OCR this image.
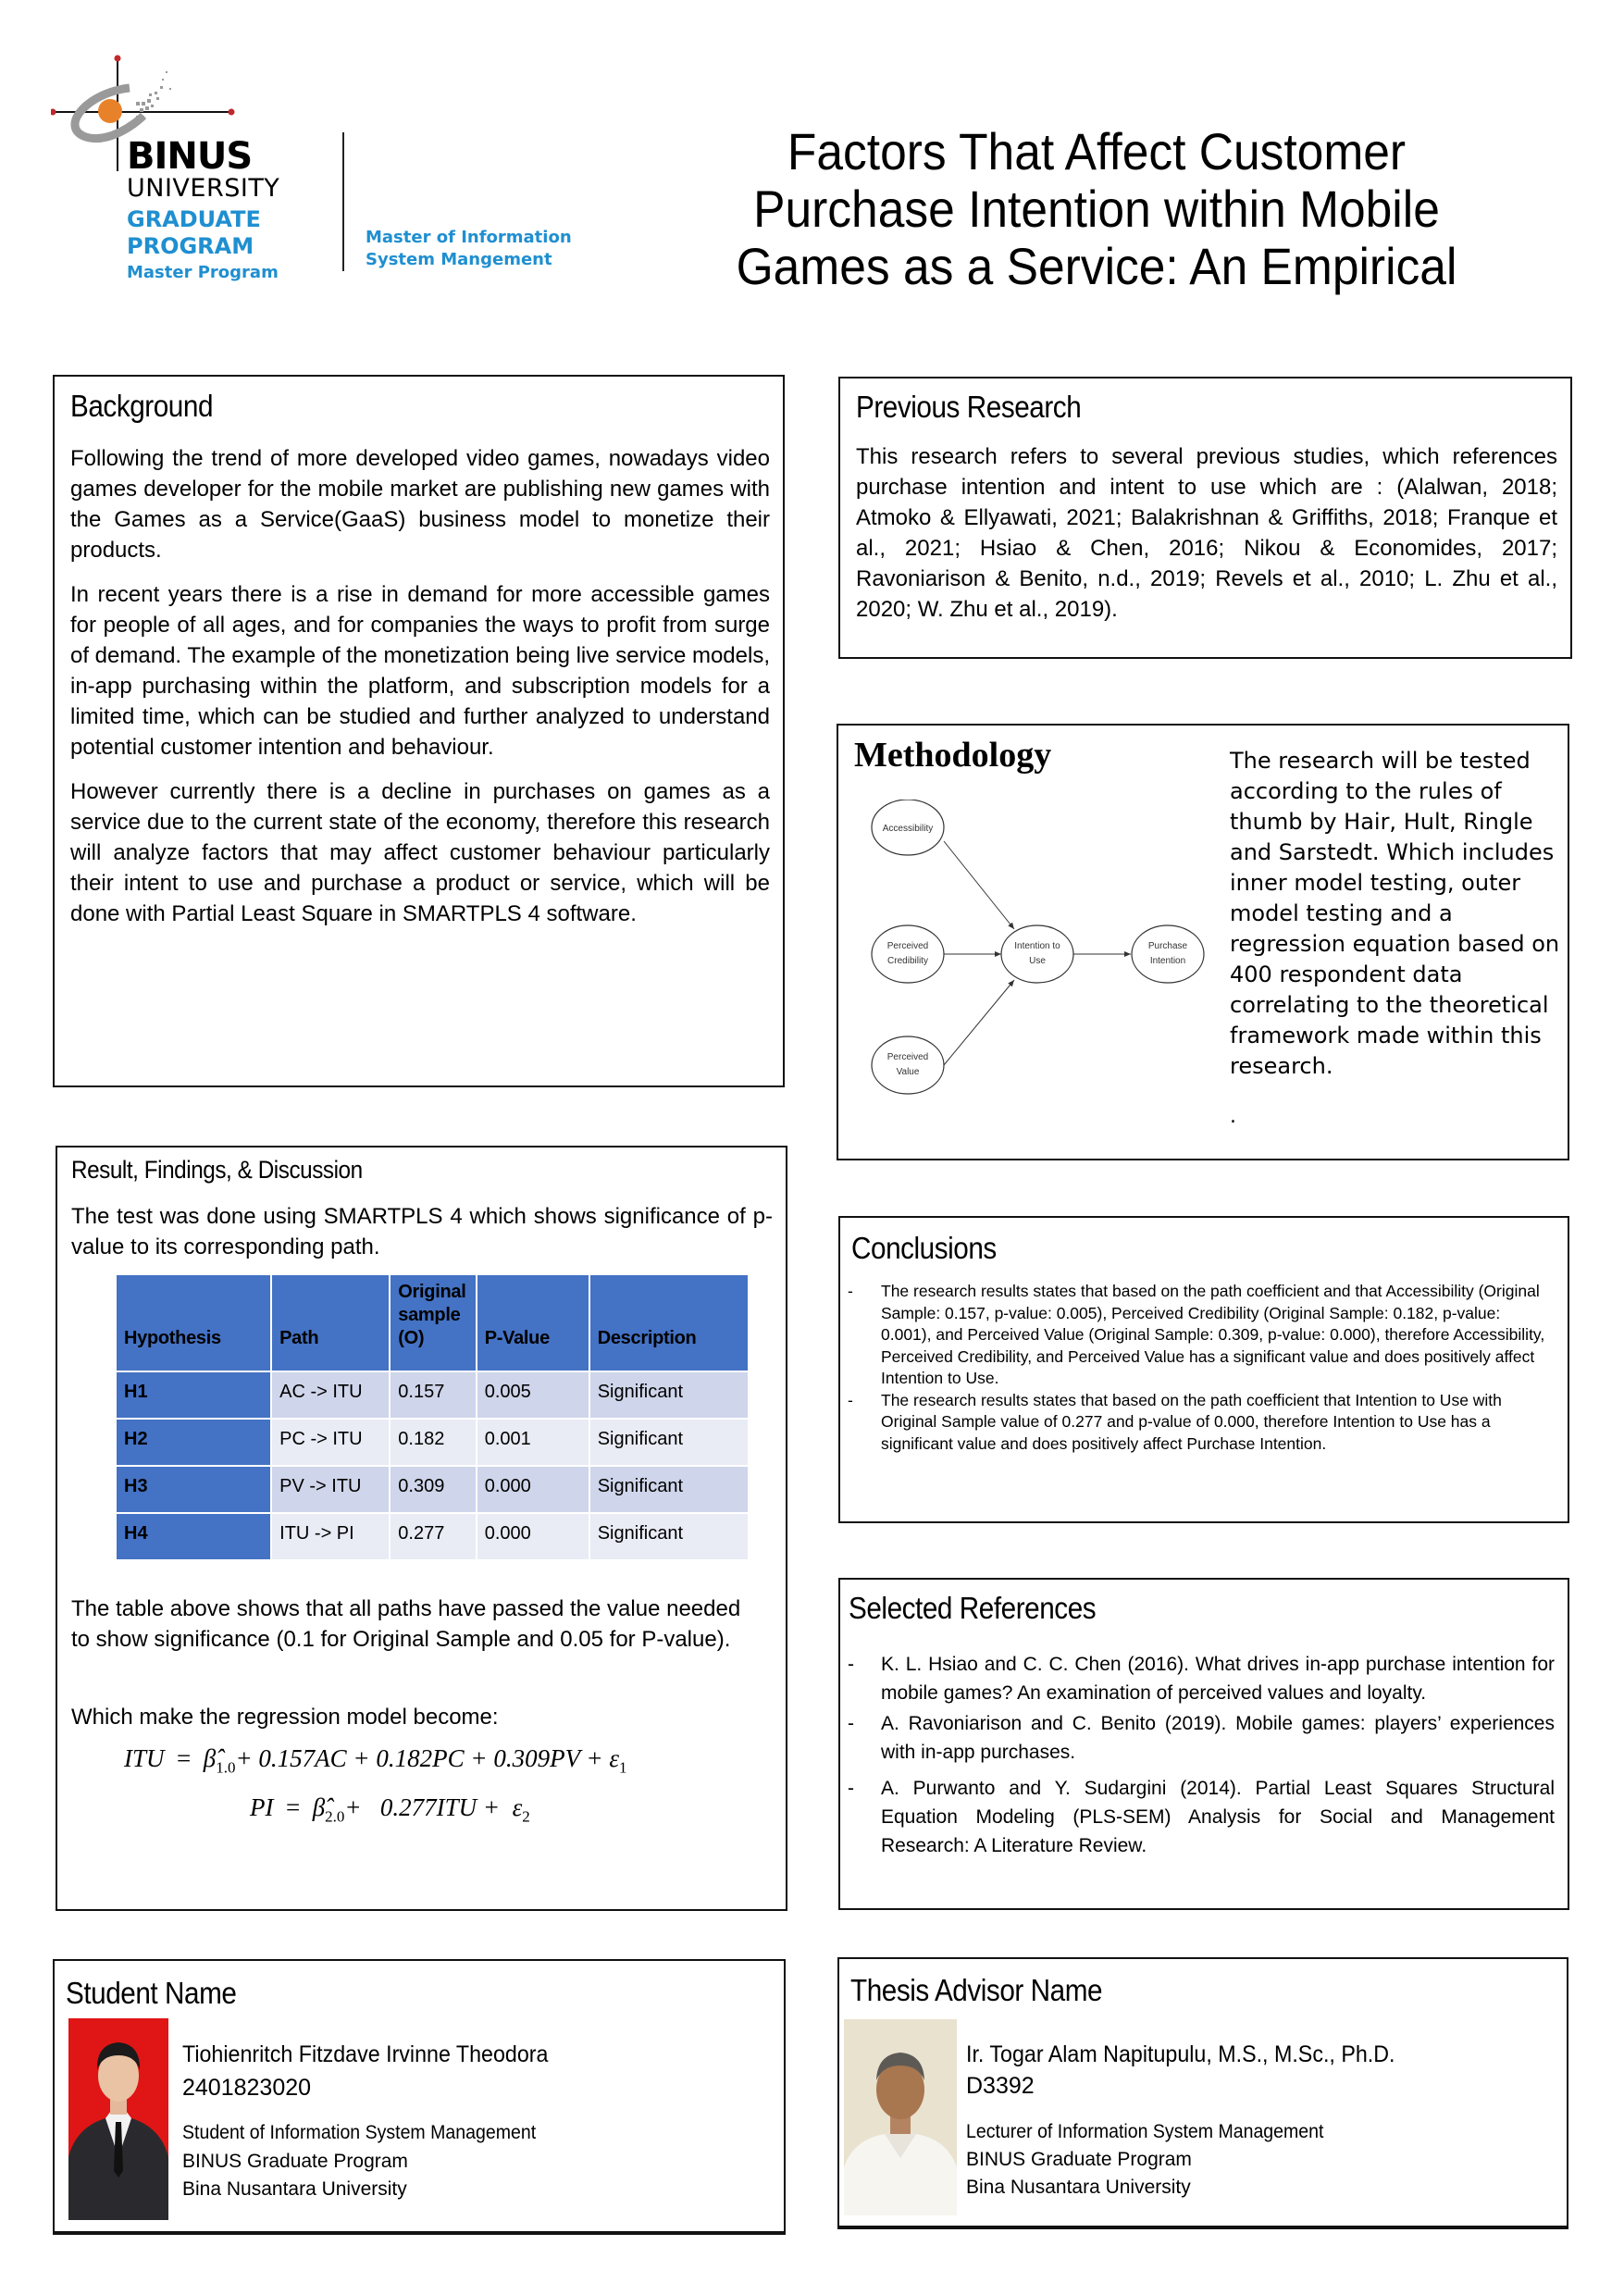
BINUS
UNIVERSITY
GRADUATE
PROGRAM
Master Program
Master of Information
System Mangement
Factors That Affect Customer
Purchase Intention within Mobile
Games as a Service: An Empirical
Background

Following the trend of more developed video games, nowadays video games developer for the mobile market are publishing new games with the Games as a Service(GaaS) business model to monetize their products.

In recent years there is a rise in demand for more accessible games for people of all ages, and for companies the ways to profit from surge of demand. The example of the monetization being live service models, in-app purchasing within the platform, and subscription models for a limited time, which can be studied and further analyzed to understand potential customer intention and behaviour.

However currently there is a decline in purchases on games as a service due to the current state of the economy, therefore this research will analyze factors that may affect customer behaviour particularly their intent to use and purchase a product or service, which will be done with Partial Least Square in SMARTPLS 4 software.

Previous Research
This research refers to several previous studies, which references purchase intention and intent to use which are : (Alalwan, 2018; Atmoko & Ellyawati, 2021; Balakrishnan & Griffiths, 2018; Franque et al., 2021; Hsiao & Chen, 2016; Nikou & Economides, 2017; Ravoniarison & Benito, n.d., 2019; Revels et al., 2010; L. Zhu et al., 2020; W. Zhu et al., 2019).
Methodology
Accessibility
Perceived
Credibility
Perceived
Value
Intention to
Use
Purchase
Intention
The research will be tested according to the rules of thumb by Hair, Hult, Ringle and Sarstedt. Which includes inner model testing, outer model testing and a regression equation based on 400 respondent data correlating to the theoretical framework made within this research.
.
Result, Findings, & Discussion
The test was done using SMARTPLS 4 which shows significance of p-value to its corresponding path.
Hypothesis	Path	Original
sample
(O)	P-Value	Description
H1	AC -> ITU	0.157	0.005	Significant
H2	PC -> ITU	0.182	0.001	Significant
H3	PV -> ITU	0.309	0.000	Significant
H4	ITU -> PI	0.277	0.000	Significant
The table above shows that all paths have passed the value needed to show significance (0.1 for Original Sample and 0.05 for P-value).
Which make the regression model become:
ITU  =  $\betâ_{1.0}+ 0.157AC + 0.182PC + 0.309PV + \varepsilon_1$
PI  =  $\betâ_{2.0}+ 0.277ITU + \varepsilon_2$
Conclusions
- The research results states that based on the path coefficient and that Accessibility (Original Sample: 0.157, p-value: 0.005), Perceived Credibility (Original Sample: 0.182, p-value: 0.001), and Perceived Value (Original Sample: 0.309, p-value: 0.000), therefore Accessibility, Perceived Credibility, and Perceived Value has a significant value and does positively affect Intention to Use.
- The research results states that based on the path coefficient that Intention to Use with Original Sample value of 0.277 and p-value of 0.000, therefore Intention to Use has a significant value and does positively affect Purchase Intention.
Selected References
- K. L. Hsiao and C. C. Chen (2016). What drives in-app purchase intention for mobile games? An examination of perceived values and loyalty.
- A. Ravoniarison and C. Benito (2019). Mobile games: players’ experiences with in-app purchases.
- A. Purwanto and Y. Sudargini (2014). Partial Least Squares Structural Equation Modeling (PLS-SEM) Analysis for Social and Management Research: A Literature Review.
Student Name
Tiohienritch Fitzdave Irvinne Theodora
2401823020
Student of Information System Management
BINUS Graduate Program
Bina Nusantara University
Thesis Advisor Name
Ir. Togar Alam Napitupulu, M.S., M.Sc., Ph.D.
D3392
Lecturer of Information System Management
BINUS Graduate Program
Bina Nusantara University
